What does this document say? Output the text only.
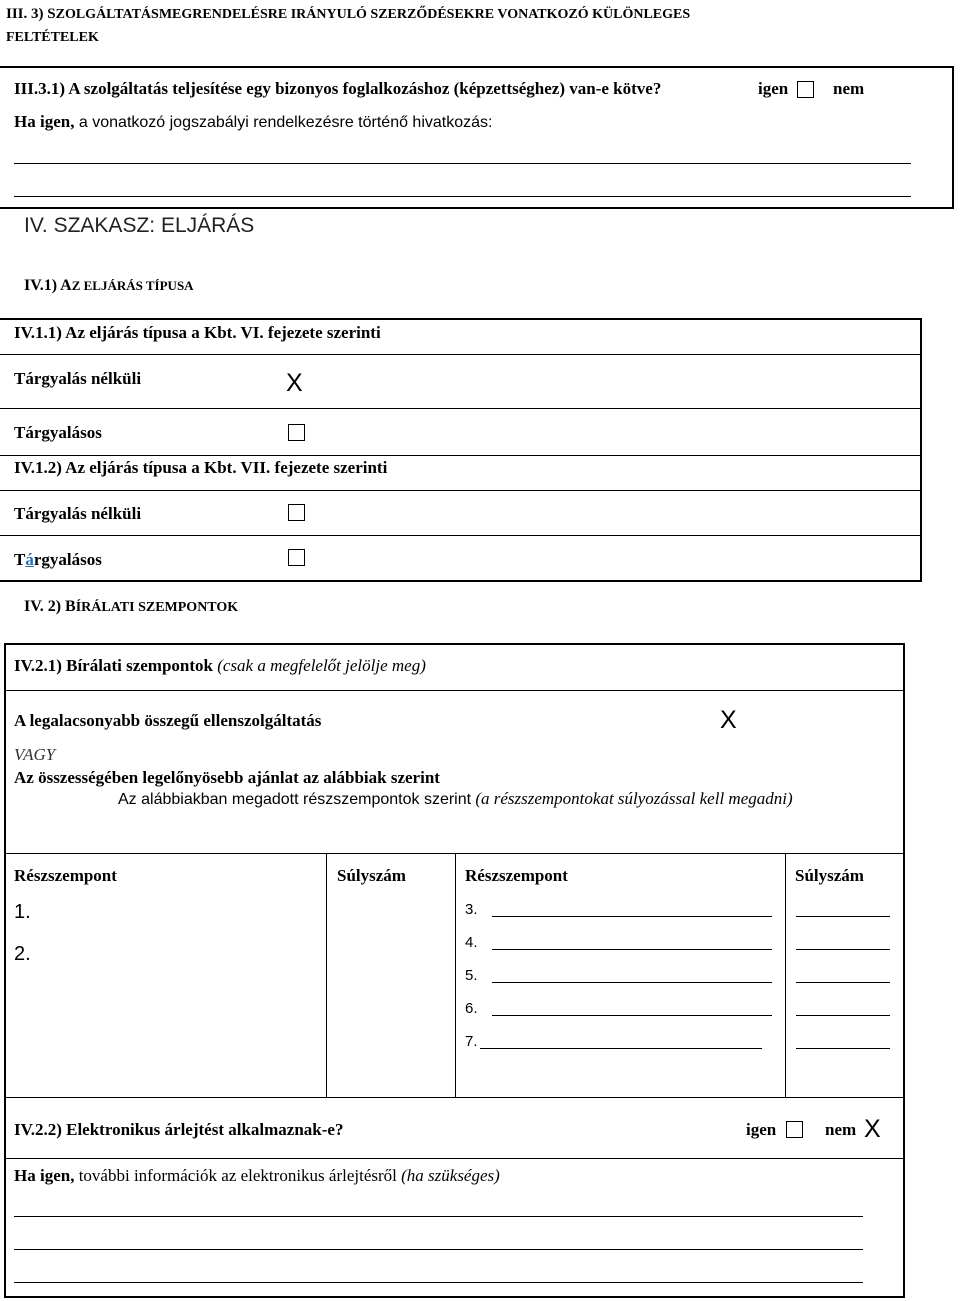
III. 3) SZOLGÁLTATÁSMEGRENDELÉSRE IRÁNYULÓ SZERZŐDÉSEKRE VONATKOZÓ KÜLÖNLEGES
FELTÉTELEK
III.3.1) A szolgáltatás teljesítése egy bizonyos foglalkozáshoz (képzettséghez) van-e kötve?	igen	nem
Ha igen, a vonatkozó jogszabályi rendelkezésre történő hivatkozás:
IV. SZAKASZ: ELJÁRÁS
IV.1) AZ ELJÁRÁS TÍPUSA
IV.1.1) Az eljárás típusa a Kbt. VI. fejezete szerinti
Tárgyalás nélküli	X
Tárgyalásos
IV.1.2) Az eljárás típusa a Kbt. VII. fejezete szerinti
Tárgyalás nélküli
Tárgyalásos
IV. 2) BÍRÁLATI SZEMPONTOK
IV.2.1) Bírálati szempontok (csak a megfelelőt jelölje meg)
A legalacsonyabb összegű ellenszolgáltatás	X
VAGY
Az összességében legelőnyösebb ajánlat az alábbiak szerint
Az alábbiakban megadott részszempontok szerint (a részszempontokat súlyozással kell megadni)
Részszempont	Súlyszám	Részszempont	Súlyszám
1.
2.
3.
4.
5.
6.
7.
IV.2.2) Elektronikus árlejtést alkalmaznak-e?	igen	nem X
Ha igen, további információk az elektronikus árlejtésről (ha szükséges)
